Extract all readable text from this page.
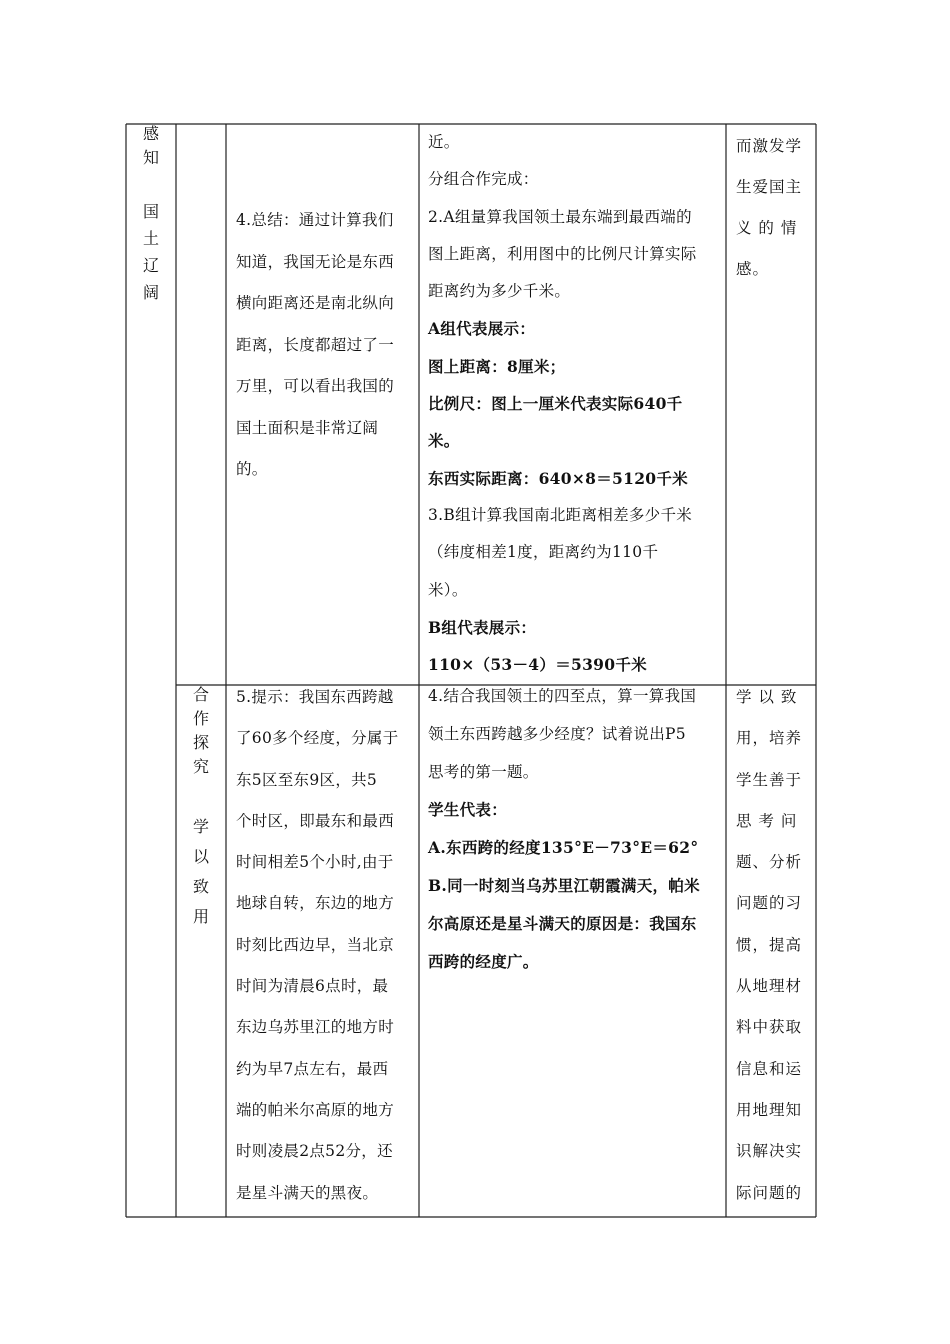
感
知
国
土
辽
阔

4.总结：通过计算我们

知道，我国无论是东西

横向距离还是南北纵向

距离，长度都超过了一

万里，可以看出我国的

国土面积是非常辽阔

的。

近。

分组合作完成：

2.A组量算我国领土最东端到最西端的

图上距离，利用图中的比例尺计算实际

距离约为多少千米。

A组代表展示：

图上距离：8厘米；

比例尺：图上一厘米代表实际640千

米。

东西实际距离：640×8＝5120千米

3.B组计算我国南北距离相差多少千米

（纬度相差1度，距离约为110千

米）。

B组代表展示：

110×（53－4）＝5390千米

而激发学

生爱国主

义 的 情

感。

合
作
探
究
学
以
致
用

5.提示：我国东西跨越

了60多个经度，分属于

东5区至东9区，共5

个时区，即最东和最西

时间相差5个小时,由于

地球自转，东边的地方

时刻比西边早，当北京

时间为清晨6点时，最

东边乌苏里江的地方时

约为早7点左右，最西

端的帕米尔高原的地方

时则凌晨2点52分，还

是星斗满天的黑夜。

4.结合我国领土的四至点，算一算我国

领土东西跨越多少经度？试着说出P5

思考的第一题。

学生代表：

A.东西跨的经度135°E－73°E＝62°

B.同一时刻当乌苏里江朝霞满天，帕米

尔高原还是星斗满天的原因是：我国东

西跨的经度广。

学 以 致

用，培养

学生善于

思 考 问

题、分析

问题的习

惯，提高

从地理材

料中获取

信息和运

用地理知

识解决实

际问题的
